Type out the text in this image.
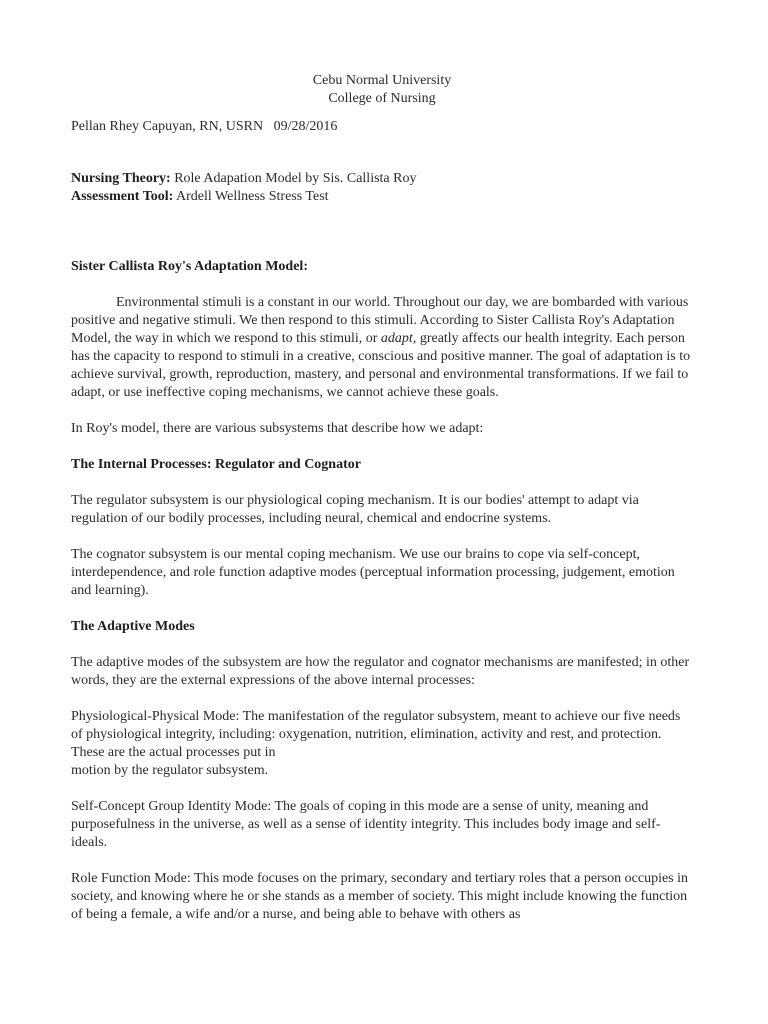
Cebu Normal University

College of Nursing

Pellan Rhey Capuyan, RN, USRN   09/28/2016

Nursing Theory: Role Adapation Model by Sis. Callista Roy

Assessment Tool: Ardell Wellness Stress Test

Sister Callista Roy's Adaptation Model:

Environmental stimuli is a constant in our world. Throughout our day, we are bombarded with various positive and negative stimuli. We then respond to this stimuli. According to Sister Callista Roy's Adaptation Model, the way in which we respond to this stimuli, or adapt, greatly affects our health integrity. Each person has the capacity to respond to stimuli in a creative, conscious and positive manner. The goal of adaptation is to achieve survival, growth, reproduction, mastery, and personal and environmental transformations. If we fail to adapt, or use ineffective coping mechanisms, we cannot achieve these goals.

In Roy's model, there are various subsystems that describe how we adapt:

The Internal Processes: Regulator and Cognator

The regulator subsystem is our physiological coping mechanism. It is our bodies' attempt to adapt via regulation of our bodily processes, including neural, chemical and endocrine systems.

The cognator subsystem is our mental coping mechanism. We use our brains to cope via self-concept, interdependence, and role function adaptive modes (perceptual information processing, judgement, emotion and learning).

The Adaptive Modes

The adaptive modes of the subsystem are how the regulator and cognator mechanisms are manifested; in other words, they are the external expressions of the above internal processes:

Physiological-Physical Mode: The manifestation of the regulator subsystem, meant to achieve our five needs of physiological integrity, including: oxygenation, nutrition, elimination, activity and rest, and protection. These are the actual processes put in
motion by the regulator subsystem.

Self-Concept Group Identity Mode: The goals of coping in this mode are a sense of unity, meaning and purposefulness in the universe, as well as a sense of identity integrity. This includes body image and self-ideals.

Role Function Mode: This mode focuses on the primary, secondary and tertiary roles that a person occupies in society, and knowing where he or she stands as a member of society. This might include knowing the function of being a female, a wife and/or a nurse, and being able to behave with others as
